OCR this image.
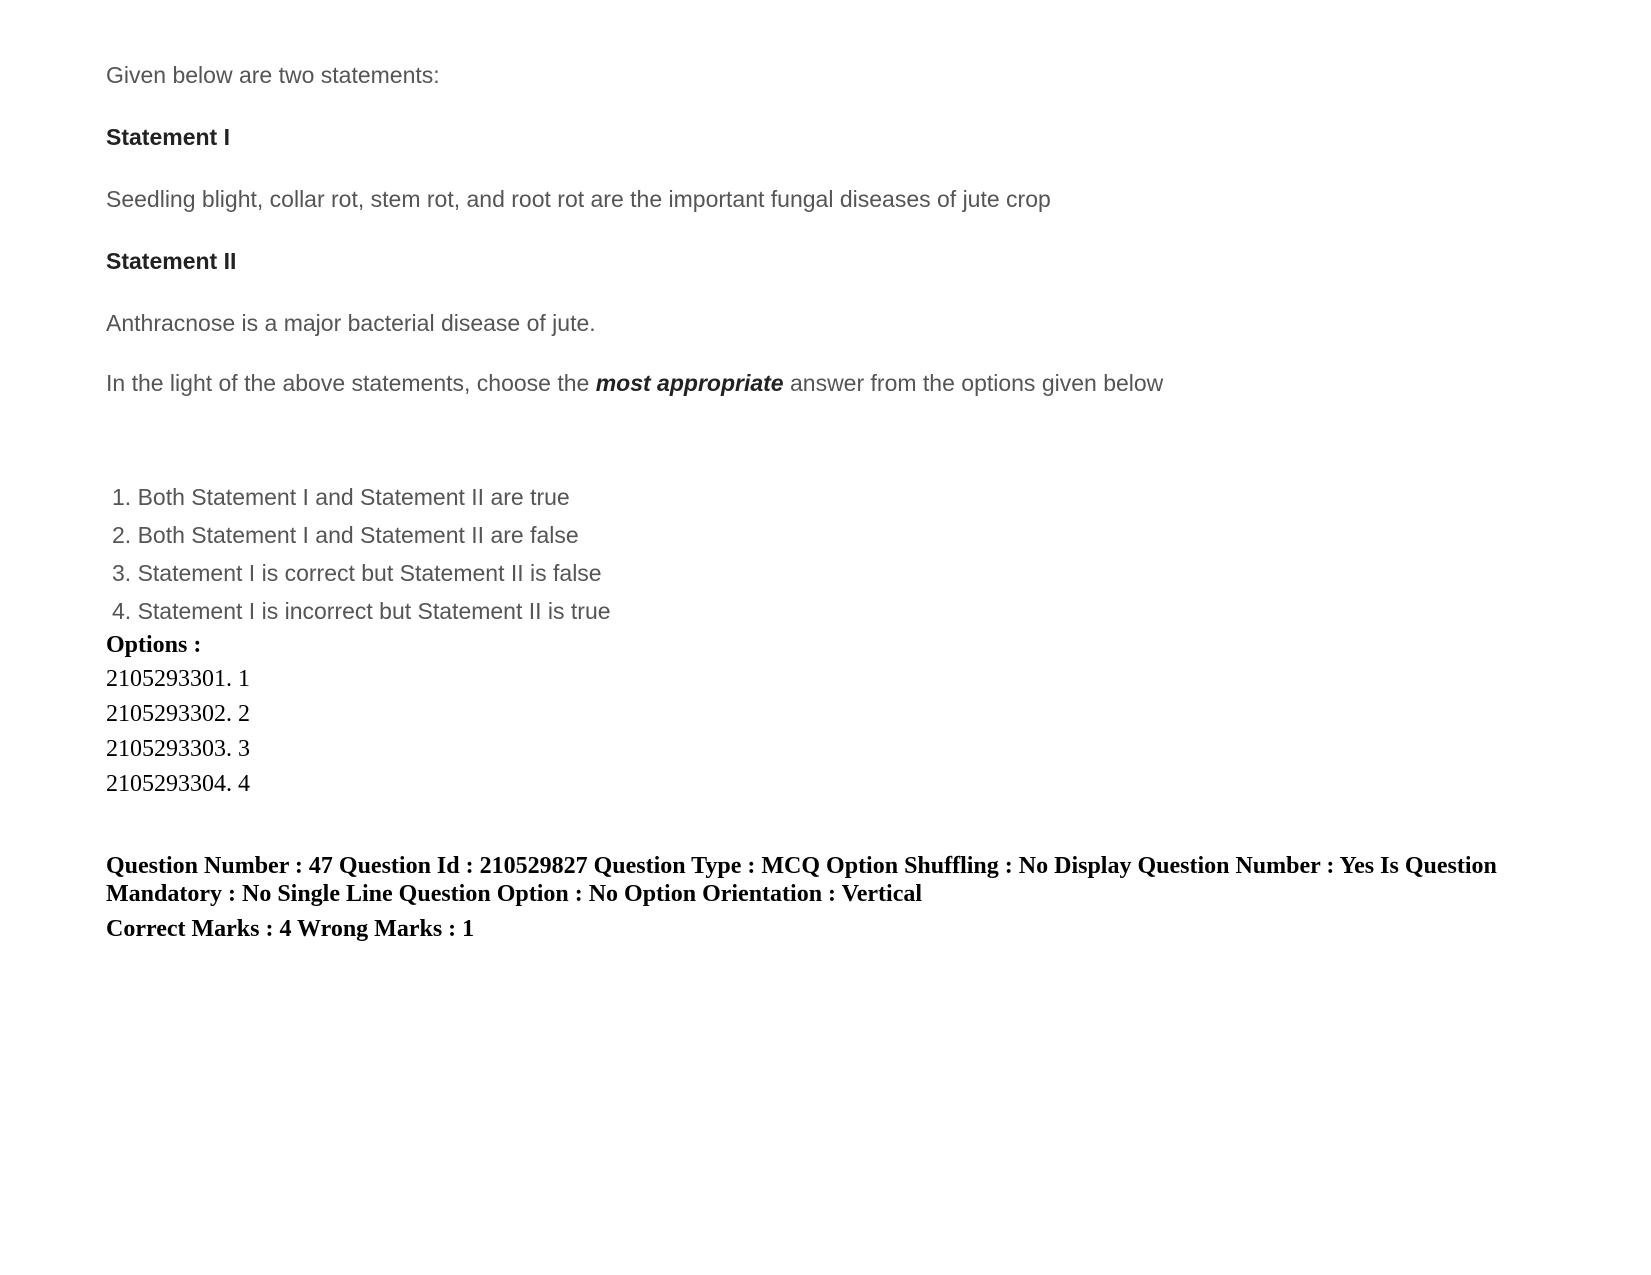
Given below are two statements:

Statement I

Seedling blight, collar rot, stem rot, and root rot are the important fungal diseases of jute crop

Statement II

Anthracnose is a major bacterial disease of jute.

In the light of the above statements, choose the most appropriate answer from the options given below

1. Both Statement I and Statement II are true
2. Both Statement I and Statement II are false
3. Statement I is correct but Statement II is false
4. Statement I is incorrect but Statement II is true

Options :

2105293301. 1
2105293302. 2
2105293303. 3
2105293304. 4

Question Number : 47 Question Id : 210529827 Question Type : MCQ Option Shuffling : No Display Question Number : Yes Is Question Mandatory : No Single Line Question Option : No Option Orientation : Vertical

Correct Marks : 4 Wrong Marks : 1
